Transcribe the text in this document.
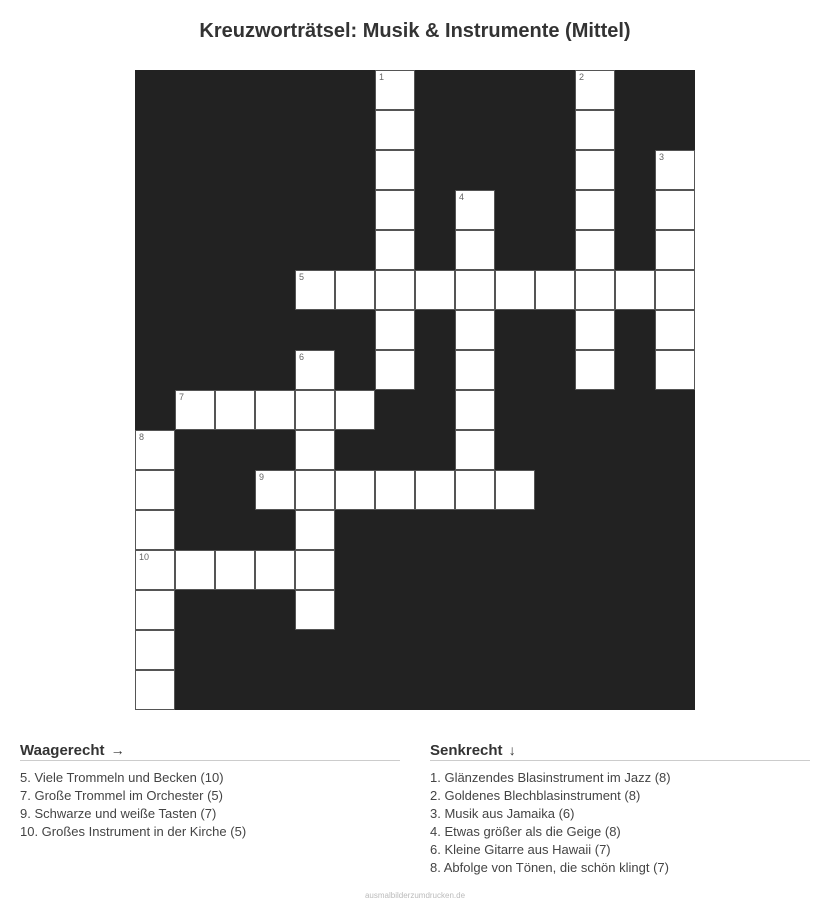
Kreuzworträtsel: Musik & Instrumente (Mittel)
1	2
3
4
5
6
7
8
9
10
Waagerecht →
5. Viele Trommeln und Becken (10)
7. Große Trommel im Orchester (5)
9. Schwarze und weiße Tasten (7)
10. Großes Instrument in der Kirche (5)
Senkrecht ↓
1. Glänzendes Blasinstrument im Jazz (8)
2. Goldenes Blechblasinstrument (8)
3. Musik aus Jamaika (6)
4. Etwas größer als die Geige (8)
6. Kleine Gitarre aus Hawaii (7)
8. Abfolge von Tönen, die schön klingt (7)
ausmalbilderzumdrucken.de
